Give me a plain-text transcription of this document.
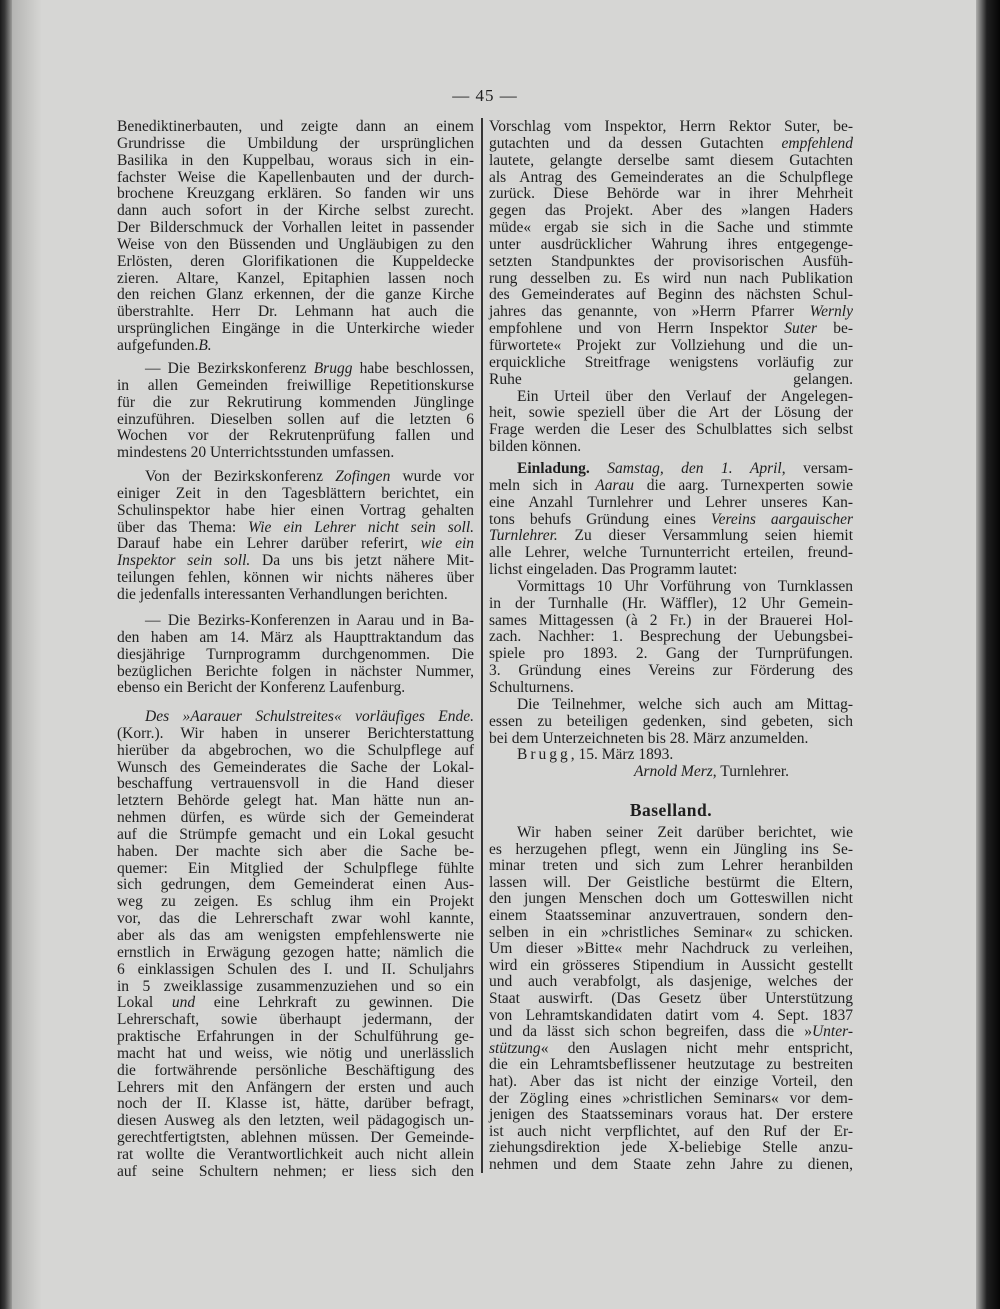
— 45 —
Benediktinerbauten, und zeigte dann an einem
Grundrisse die Umbildung der ursprünglichen
Basilika in den Kuppelbau, woraus sich in ein-
fachster Weise die Kapellenbauten und der durch-
brochene Kreuzgang erklären. So fanden wir uns
dann auch sofort in der Kirche selbst zurecht.
Der Bilderschmuck der Vorhallen leitet in passender
Weise von den Büssenden und Ungläubigen zu den
Erlösten, deren Glorifikationen die Kuppeldecke
zieren. Altare, Kanzel, Epitaphien lassen noch
den reichen Glanz erkennen, der die ganze Kirche
überstrahlte. Herr Dr. Lehmann hat auch die
ursprünglichen Eingänge in die Unterkirche wieder
aufgefunden.B.
— Die Bezirkskonferenz Brugg habe beschlossen,
in allen Gemeinden freiwillige Repetitionskurse
für die zur Rekrutirung kommenden Jünglinge
einzuführen. Dieselben sollen auf die letzten 6
Wochen vor der Rekrutenprüfung fallen und
mindestens 20 Unterrichtsstunden umfassen.
Von der Bezirkskonferenz Zofingen wurde vor
einiger Zeit in den Tagesblättern berichtet, ein
Schulinspektor habe hier einen Vortrag gehalten
über das Thema: Wie ein Lehrer nicht sein soll.
Darauf habe ein Lehrer darüber referirt, wie ein
Inspektor sein soll. Da uns bis jetzt nähere Mit-
teilungen fehlen, können wir nichts näheres über
die jedenfalls interessanten Verhandlungen berichten.
— Die Bezirks-Konferenzen in Aarau und in Ba-
den haben am 14. März als Haupttraktandum das
diesjährige Turnprogramm durchgenommen. Die
bezüglichen Berichte folgen in nächster Nummer,
ebenso ein Bericht der Konferenz Laufenburg.
Des »Aarauer Schulstreites« vorläufiges Ende.
(Korr.). Wir haben in unserer Berichterstattung
hierüber da abgebrochen, wo die Schulpflege auf
Wunsch des Gemeinderates die Sache der Lokal-
beschaffung vertrauensvoll in die Hand dieser
letztern Behörde gelegt hat. Man hätte nun an-
nehmen dürfen, es würde sich der Gemeinderat
auf die Strümpfe gemacht und ein Lokal gesucht
haben. Der machte sich aber die Sache be-
quemer: Ein Mitglied der Schulpflege fühlte
sich gedrungen, dem Gemeinderat einen Aus-
weg zu zeigen. Es schlug ihm ein Projekt
vor, das die Lehrerschaft zwar wohl kannte,
aber als das am wenigsten empfehlenswerte nie
ernstlich in Erwägung gezogen hatte; nämlich die
6 einklassigen Schulen des I. und II. Schuljahrs
in 5 zweiklassige zusammenzuziehen und so ein
Lokal und eine Lehrkraft zu gewinnen. Die
Lehrerschaft, sowie überhaupt jedermann, der
praktische Erfahrungen in der Schulführung ge-
macht hat und weiss, wie nötig und unerlässlich
die fortwährende persönliche Beschäftigung des
Lehrers mit den Anfängern der ersten und auch
noch der II. Klasse ist, hätte, darüber befragt,
diesen Ausweg als den letzten, weil pädagogisch un-
gerechtfertigtsten, ablehnen müssen. Der Gemeinde-
rat wollte die Verantwortlichkeit auch nicht allein
auf seine Schultern nehmen; er liess sich den
Vorschlag vom Inspektor, Herrn Rektor Suter, be-
gutachten und da dessen Gutachten empfehlend
lautete, gelangte derselbe samt diesem Gutachten
als Antrag des Gemeinderates an die Schulpflege
zurück. Diese Behörde war in ihrer Mehrheit
gegen das Projekt. Aber des »langen Haders
müde« ergab sie sich in die Sache und stimmte
unter ausdrücklicher Wahrung ihres entgegenge-
setzten Standpunktes der provisorischen Ausfüh-
rung desselben zu. Es wird nun nach Publikation
des Gemeinderates auf Beginn des nächsten Schul-
jahres das genannte, von »Herrn Pfarrer Wernly
empfohlene und von Herrn Inspektor Suter be-
fürwortete« Projekt zur Vollziehung und die un-
erquickliche Streitfrage wenigstens vorläufig zur
Ruhe gelangen.
Ein Urteil über den Verlauf der Angelegen-
heit, sowie speziell über die Art der Lösung der
Frage werden die Leser des Schulblattes sich selbst
bilden können.
Einladung. Samstag, den 1. April, versam-
meln sich in Aarau die aarg. Turnexperten sowie
eine Anzahl Turnlehrer und Lehrer unseres Kan-
tons behufs Gründung eines Vereins aargauischer
Turnlehrer. Zu dieser Versammlung seien hiemit
alle Lehrer, welche Turnunterricht erteilen, freund-
lichst eingeladen. Das Programm lautet:
Vormittags 10 Uhr Vorführung von Turnklassen
in der Turnhalle (Hr. Wäffler), 12 Uhr Gemein-
sames Mittagessen (à 2 Fr.) in der Brauerei Hol-
zach. Nachher: 1. Besprechung der Uebungsbei-
spiele pro 1893. 2. Gang der Turnprüfungen.
3. Gründung eines Vereins zur Förderung des
Schulturnens.
Die Teilnehmer, welche sich auch am Mittag-
essen zu beteiligen gedenken, sind gebeten, sich
bei dem Unterzeichneten bis 28. März anzumelden.
Brugg, 15. März 1893.
Arnold Merz, Turnlehrer.
Baselland.
Wir haben seiner Zeit darüber berichtet, wie
es herzugehen pflegt, wenn ein Jüngling ins Se-
minar treten und sich zum Lehrer heranbilden
lassen will. Der Geistliche bestürmt die Eltern,
den jungen Menschen doch um Gotteswillen nicht
einem Staatsseminar anzuvertrauen, sondern den-
selben in ein »christliches Seminar« zu schicken.
Um dieser »Bitte« mehr Nachdruck zu verleihen,
wird ein grösseres Stipendium in Aussicht gestellt
und auch verabfolgt, als dasjenige, welches der
Staat auswirft. (Das Gesetz über Unterstützung
von Lehramtskandidaten datirt vom 4. Sept. 1837
und da lässt sich schon begreifen, dass die »Unter-
stützung« den Auslagen nicht mehr entspricht,
die ein Lehramtsbeflissener heutzutage zu bestreiten
hat). Aber das ist nicht der einzige Vorteil, den
der Zögling eines »christlichen Seminars« vor dem-
jenigen des Staatsseminars voraus hat. Der erstere
ist auch nicht verpflichtet, auf den Ruf der Er-
ziehungsdirektion jede X-beliebige Stelle anzu-
nehmen und dem Staate zehn Jahre zu dienen,
